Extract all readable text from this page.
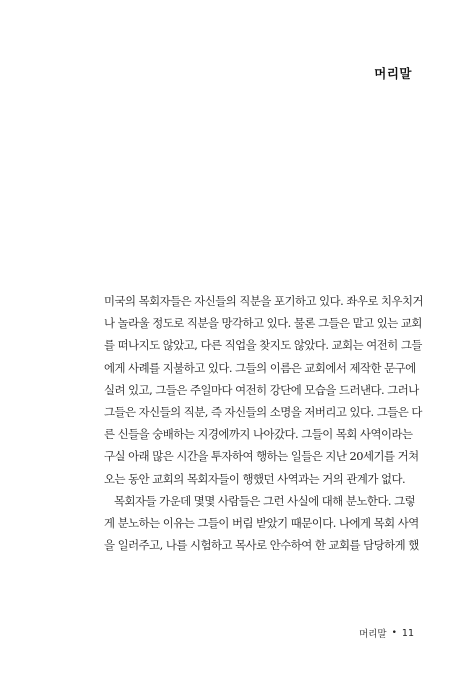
머리말
미국의 목회자들은 자신들의 직분을 포기하고 있다. 좌우로 치우치거
나 놀라울 정도로 직분을 망각하고 있다. 물론 그들은 맡고 있는 교회
를 떠나지도 않았고, 다른 직업을 찾지도 않았다. 교회는 여전히 그들
에게 사례를 지불하고 있다. 그들의 이름은 교회에서 제작한 문구에
실려 있고, 그들은 주일마다 여전히 강단에 모습을 드러낸다. 그러나
그들은 자신들의 직분, 즉 자신들의 소명을 저버리고 있다. 그들은 다
른 신들을 숭배하는 지경에까지 나아갔다. 그들이 목회 사역이라는
구실 아래 많은 시간을 투자하여 행하는 일들은 지난 20세기를 거쳐
오는 동안 교회의 목회자들이 행했던 사역과는 거의 관계가 없다.
목회자들 가운데 몇몇 사람들은 그런 사실에 대해 분노한다. 그렇
게 분노하는 이유는 그들이 버림 받았기 때문이다. 나에게 목회 사역
을 일러주고, 나를 시험하고 목사로 안수하여 한 교회를 담당하게 했
머리말 • 11
